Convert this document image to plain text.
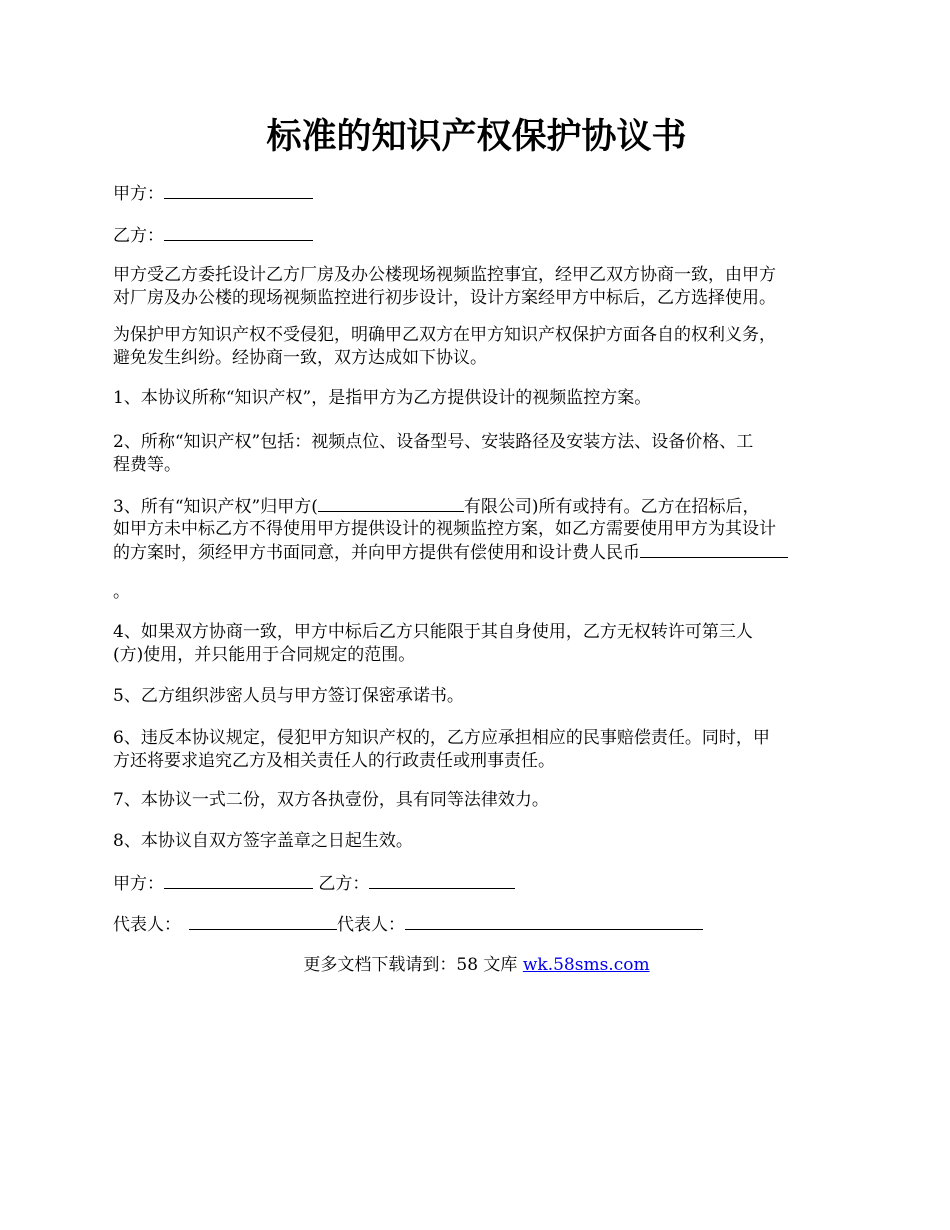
标准的知识产权保护协议书
甲方：
乙方：
甲方受乙方委托设计乙方厂房及办公楼现场视频监控事宜，经甲乙双方协商一致，由甲方
对厂房及办公楼的现场视频监控进行初步设计，设计方案经甲方中标后，乙方选择使用。
为保护甲方知识产权不受侵犯，明确甲乙双方在甲方知识产权保护方面各自的权利义务，
避免发生纠纷。经协商一致，双方达成如下协议。
1、本协议所称“知识产权”，是指甲方为乙方提供设计的视频监控方案。
2、所称“知识产权”包括：视频点位、设备型号、安装路径及安装方法、设备价格、工
程费等。
3、所有“知识产权”归甲方(	有限公司)所有或持有。乙方在招标后，
如甲方未中标乙方不得使用甲方提供设计的视频监控方案，如乙方需要使用甲方为其设计
的方案时，须经甲方书面同意，并向甲方提供有偿使用和设计费人民币
。
4、如果双方协商一致，甲方中标后乙方只能限于其自身使用，乙方无权转许可第三人
(方)使用，并只能用于合同规定的范围。
5、乙方组织涉密人员与甲方签订保密承诺书。
6、违反本协议规定，侵犯甲方知识产权的，乙方应承担相应的民事赔偿责任。同时，甲
方还将要求追究乙方及相关责任人的行政责任或刑事责任。
7、本协议一式二份，双方各执壹份，具有同等法律效力。
8、本协议自双方签字盖章之日起生效。
甲方：	乙方：
代表人：	代表人：
更多文档下载请到：58 文库 wk.58sms.com
